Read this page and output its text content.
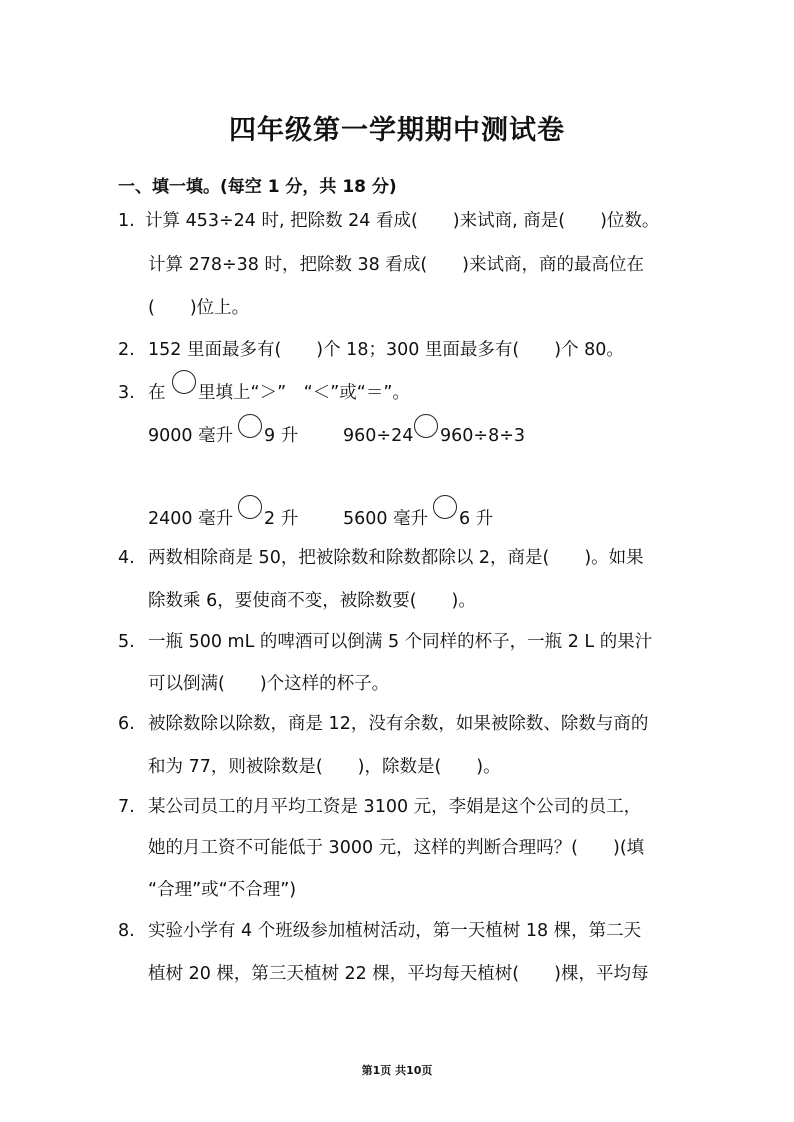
四年级第一学期期中测试卷
一、填一填。(每空 1 分，共 18 分)
1. 计算 453÷24 时, 把除数 24 看成(　　)来试商, 商是(　　)位数。
计算 278÷38 时，把除数 38 看成(　　)来试商，商的最高位在
(　　)位上。
2. 152 里面最多有(　　)个 18；300 里面最多有(　　)个 80。
3. 在 里填上“＞”　“＜”或“＝”。
9000 毫升 9 升	960÷24 960÷8÷3
2400 毫升 2 升	5600 毫升 6 升
4. 两数相除商是 50，把被除数和除数都除以 2，商是(　　)。如果
除数乘 6，要使商不变，被除数要(　　)。
5. 一瓶 500 mL 的啤酒可以倒满 5 个同样的杯子，一瓶 2 L 的果汁
可以倒满(　　)个这样的杯子。
6. 被除数除以除数，商是 12，没有余数，如果被除数、除数与商的
和为 77，则被除数是(　　)，除数是(　　)。
7. 某公司员工的月平均工资是 3100 元，李娟是这个公司的员工，
她的月工资不可能低于 3000 元，这样的判断合理吗？(　　)(填
“合理”或“不合理”)
8. 实验小学有 4 个班级参加植树活动，第一天植树 18 棵，第二天
植树 20 棵，第三天植树 22 棵，平均每天植树(　　)棵，平均每
第1页 共10页
